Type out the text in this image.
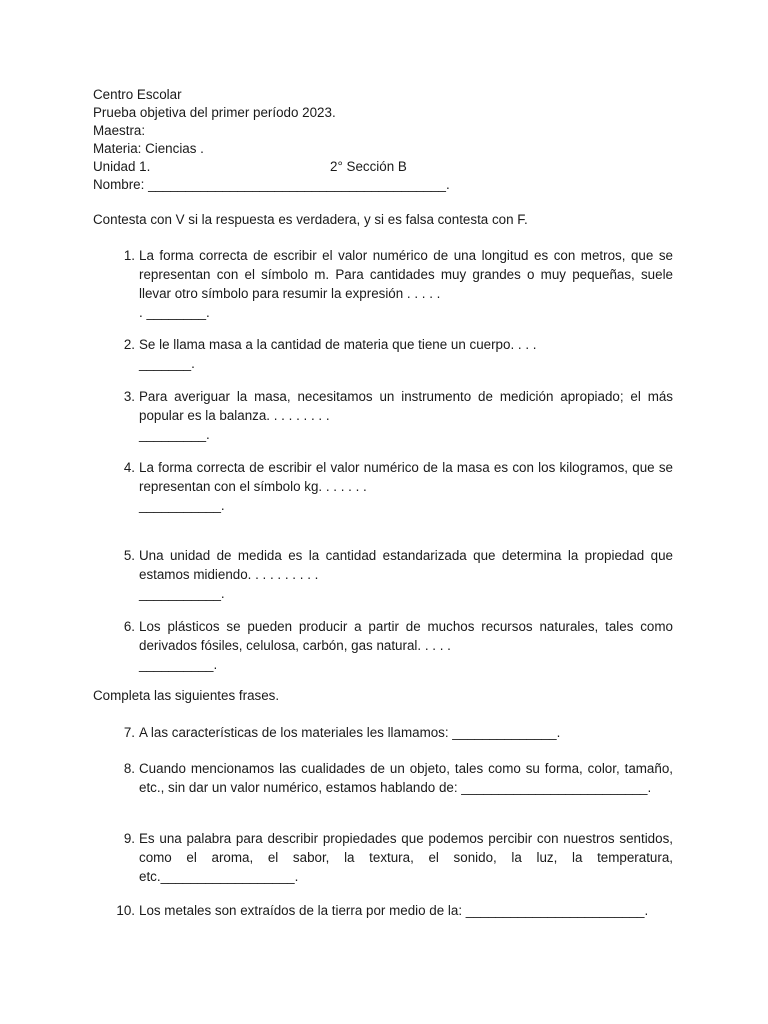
Centro Escolar
Prueba objetiva del primer período 2023.
Maestra:
Materia: Ciencias .
Unidad 1.
Nombre: ________________________________________.
2° Sección B
Contesta con V si la respuesta es verdadera, y si es falsa contesta con F.
1. La forma correcta de escribir el valor numérico de una longitud es con metros, que se representan con el símbolo m. Para cantidades muy grandes o muy pequeñas, suele llevar otro símbolo para resumir la expresión . . . . .
. ________.
2. Se le llama masa a la cantidad de materia que tiene un cuerpo. . . .
_______.
3. Para averiguar la masa, necesitamos un instrumento de medición apropiado; el más popular es la balanza. . . . . . . . .
_________.
4. La forma correcta de escribir el valor numérico de la masa es con los kilogramos, que se representan con el símbolo kg. . . . . . .
___________.
5. Una unidad de medida es la cantidad estandarizada que determina la propiedad que estamos midiendo. . . . . . . . . .
___________.
6. Los plásticos se pueden producir a partir de muchos recursos naturales, tales como derivados fósiles, celulosa, carbón, gas natural. . . . .
__________.
Completa las siguientes frases.
7. A las características de los materiales les llamamos: ______________.
8. Cuando mencionamos las cualidades de un objeto, tales como su forma, color, tamaño, etc., sin dar un valor numérico, estamos hablando de: _________________________.
9. Es una palabra para describir propiedades que podemos percibir con nuestros sentidos, como el aroma, el sabor, la textura, el sonido, la luz, la temperatura, etc.__________________.
10. Los metales son extraídos de la tierra por medio de la: ________________________.
